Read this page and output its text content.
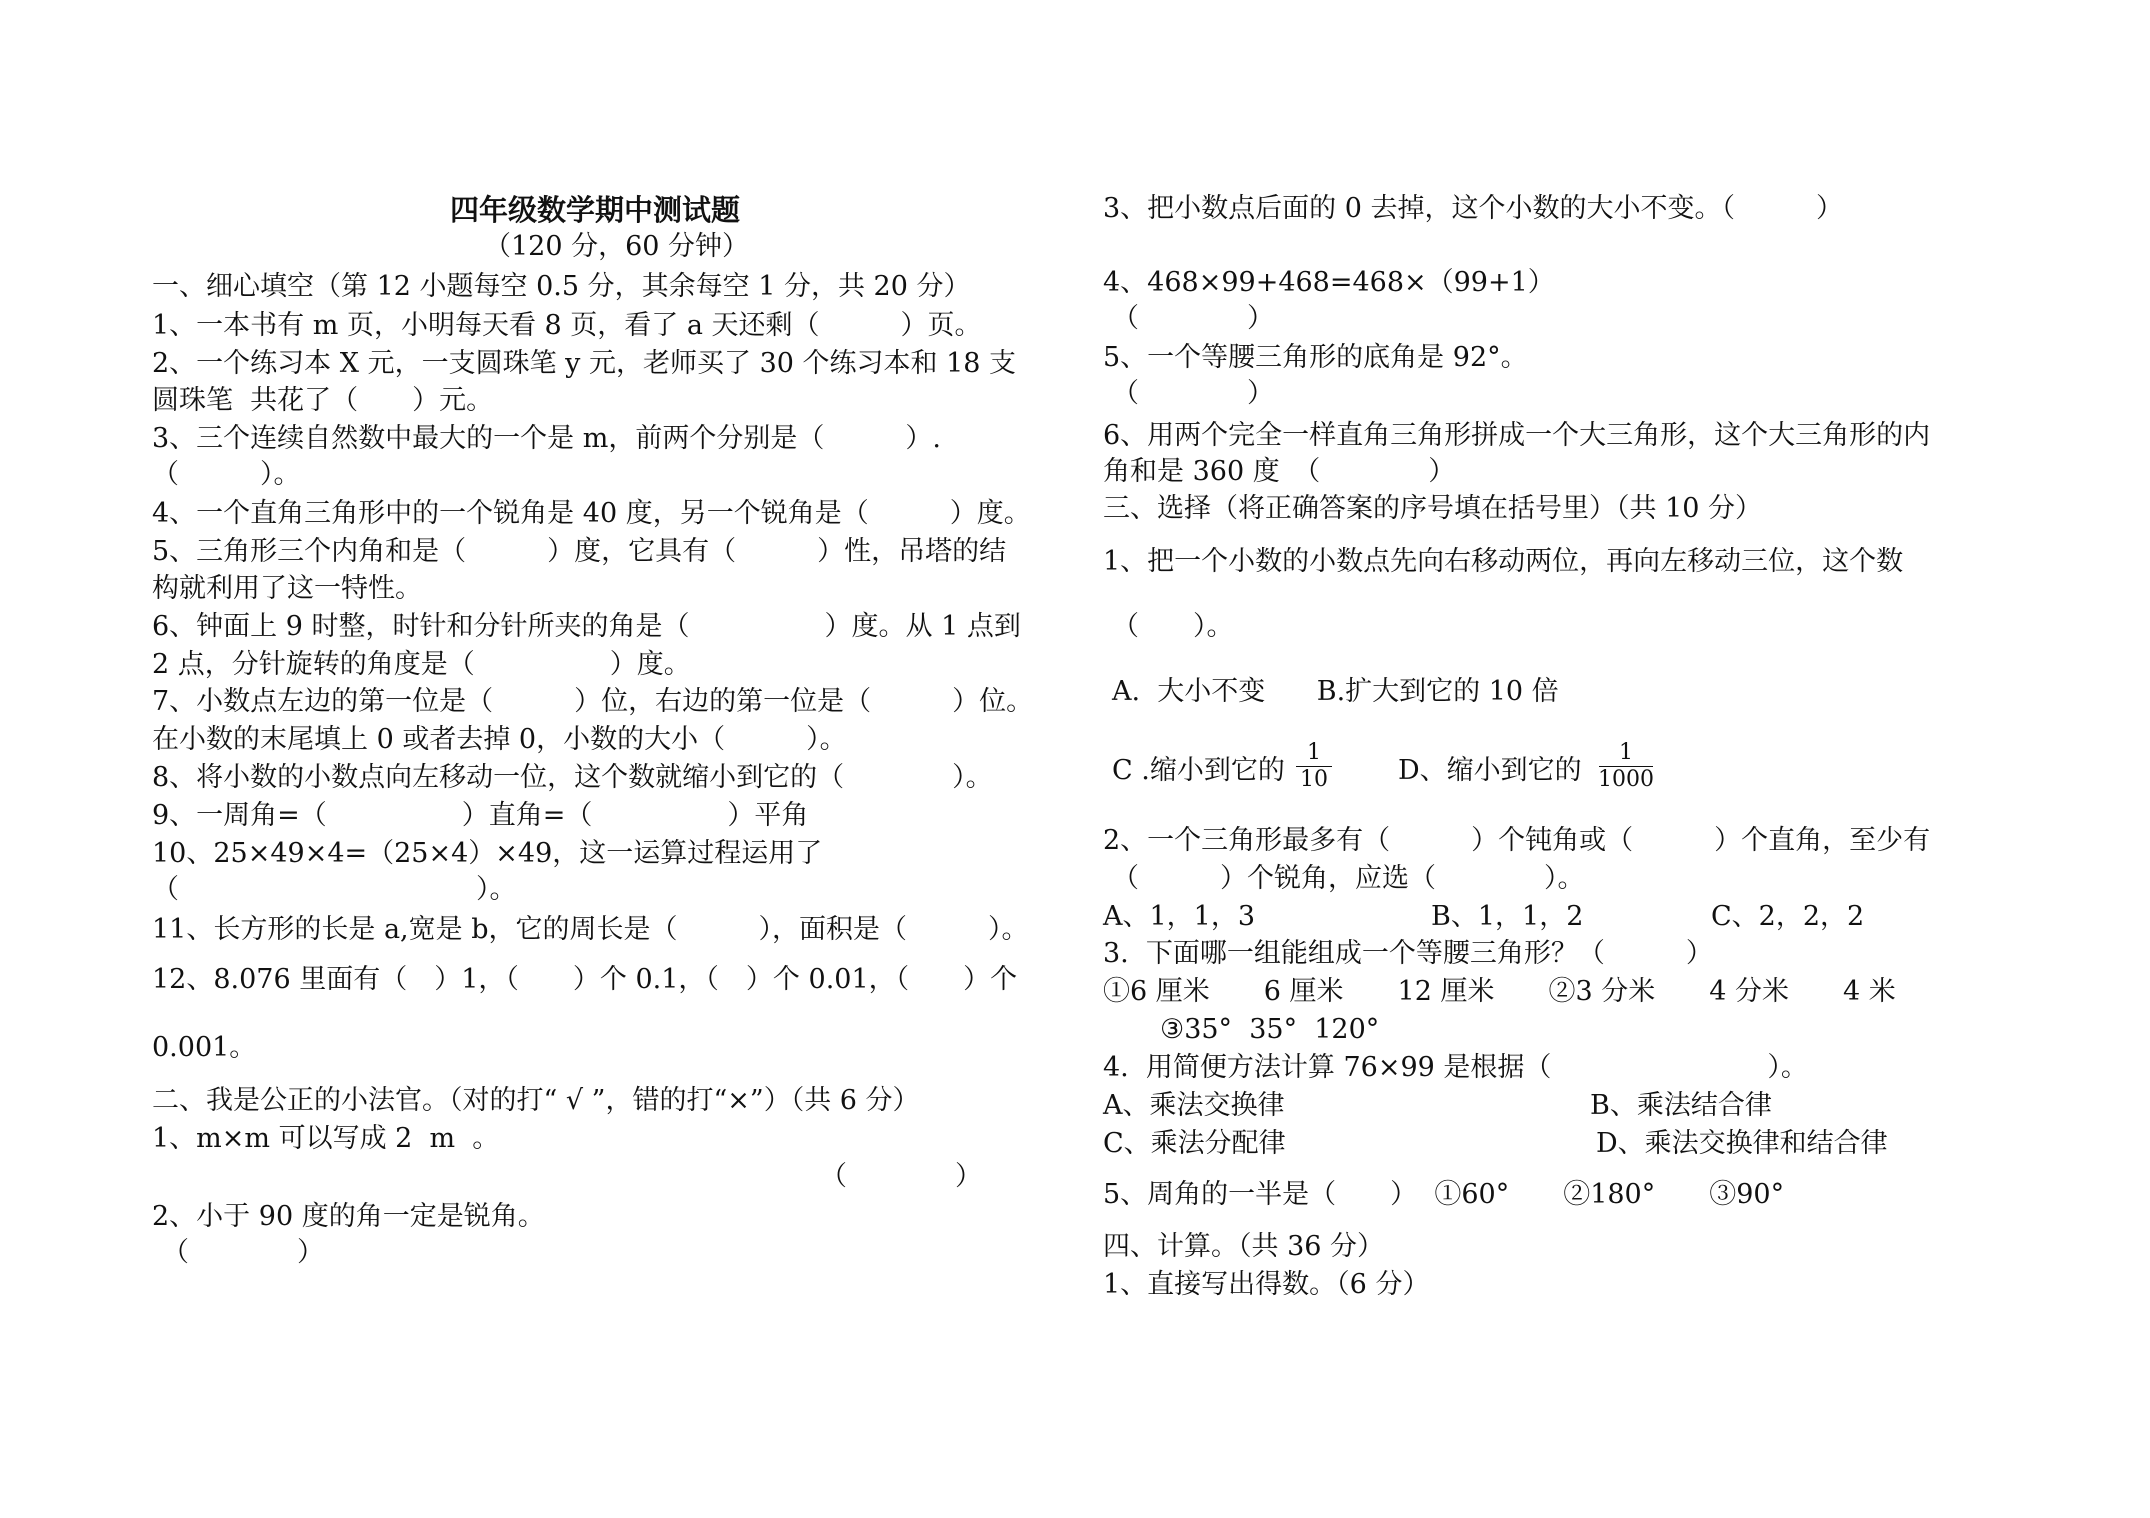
四年级数学期中测试题
（120 分，60 分钟）
一、细心填空（第 12 小题每空 0.5 分，其余每空 1 分，共 20 分）
1、一本书有 m 页，小明每天看 8 页，看了 a 天还剩（　　　）页。
2、一个练习本 X 元，一支圆珠笔 y 元，老师买了 30 个练习本和 18 支
圆珠笔  共花了（　　）元。
3、三个连续自然数中最大的一个是 m，前两个分别是（　　　）.
（　　　）。
4、一个直角三角形中的一个锐角是 40 度，另一个锐角是（　　　）度。
5、三角形三个内角和是（　　　）度，它具有（　　　）性，吊塔的结
构就利用了这一特性。
6、钟面上 9 时整，时针和分针所夹的角是（　　　　　）度。从 1 点到
2 点，分针旋转的角度是（　　　　　）度。
7、小数点左边的第一位是（　　　）位，右边的第一位是（　　　）位。
在小数的末尾填上 0 或者去掉 0，小数的大小（　　　）。
8、将小数的小数点向左移动一位，这个数就缩小到它的（　　　　）。
9、一周角=（　　　　　）直角=（　　　　　）平角
10、25×49×4=（25×4）×49，这一运算过程运用了
（　　　　　　　　　　　）。
11、长方形的长是 a,宽是 b，它的周长是（　　　），面积是（　　　）。
12、8.076 里面有（　）1，（　　）个 0.1，（　）个 0.01，（　　）个
0.001。
二、我是公正的小法官。（对的打“ √ ”，错的打“×”）（共 6 分）
1、m×m 可以写成 2  m  。
（　　　　）
2、小于 90 度的角一定是锐角。
（　　　　）
3、把小数点后面的 0 去掉，这个小数的大小不变。（　　　）
4、468×99+468=468×（99+1）
（　　　　）
5、一个等腰三角形的底角是 92°。
（　　　　）
6、用两个完全一样直角三角形拼成一个大三角形，这个大三角形的内
角和是 360 度　（　　　　）
三、选择（将正确答案的序号填在括号里）（共 10 分）
1、把一个小数的小数点先向右移动两位，再向左移动三位，这个数
（　　）。
A.  大小不变      B.扩大到它的 10 倍
C .缩小到它的
1
10	D、缩小到它的
1
1000
2、一个三角形最多有（　　　）个钝角或（　　　）个直角，至少有
（　　　）个锐角，应选（　　　　）。
A、1，1，3	B、1，1，2	C、2，2，2
3.  下面哪一组能组成一个等腰三角形？（　　　）
①6 厘米　　6 厘米　　12 厘米　　②3 分米　　4 分米　　4 米
③35°  35°  120°
4.  用简便方法计算 76×99 是根据（　　　　　　　　）。
A、乘法交换律	B、乘法结合律
C、乘法分配律	D、乘法交换律和结合律
5、周角的一半是（　　）  ①60°　　②180°　　③90°
四、计算。（共 36 分）
1、直接写出得数。（6 分）
